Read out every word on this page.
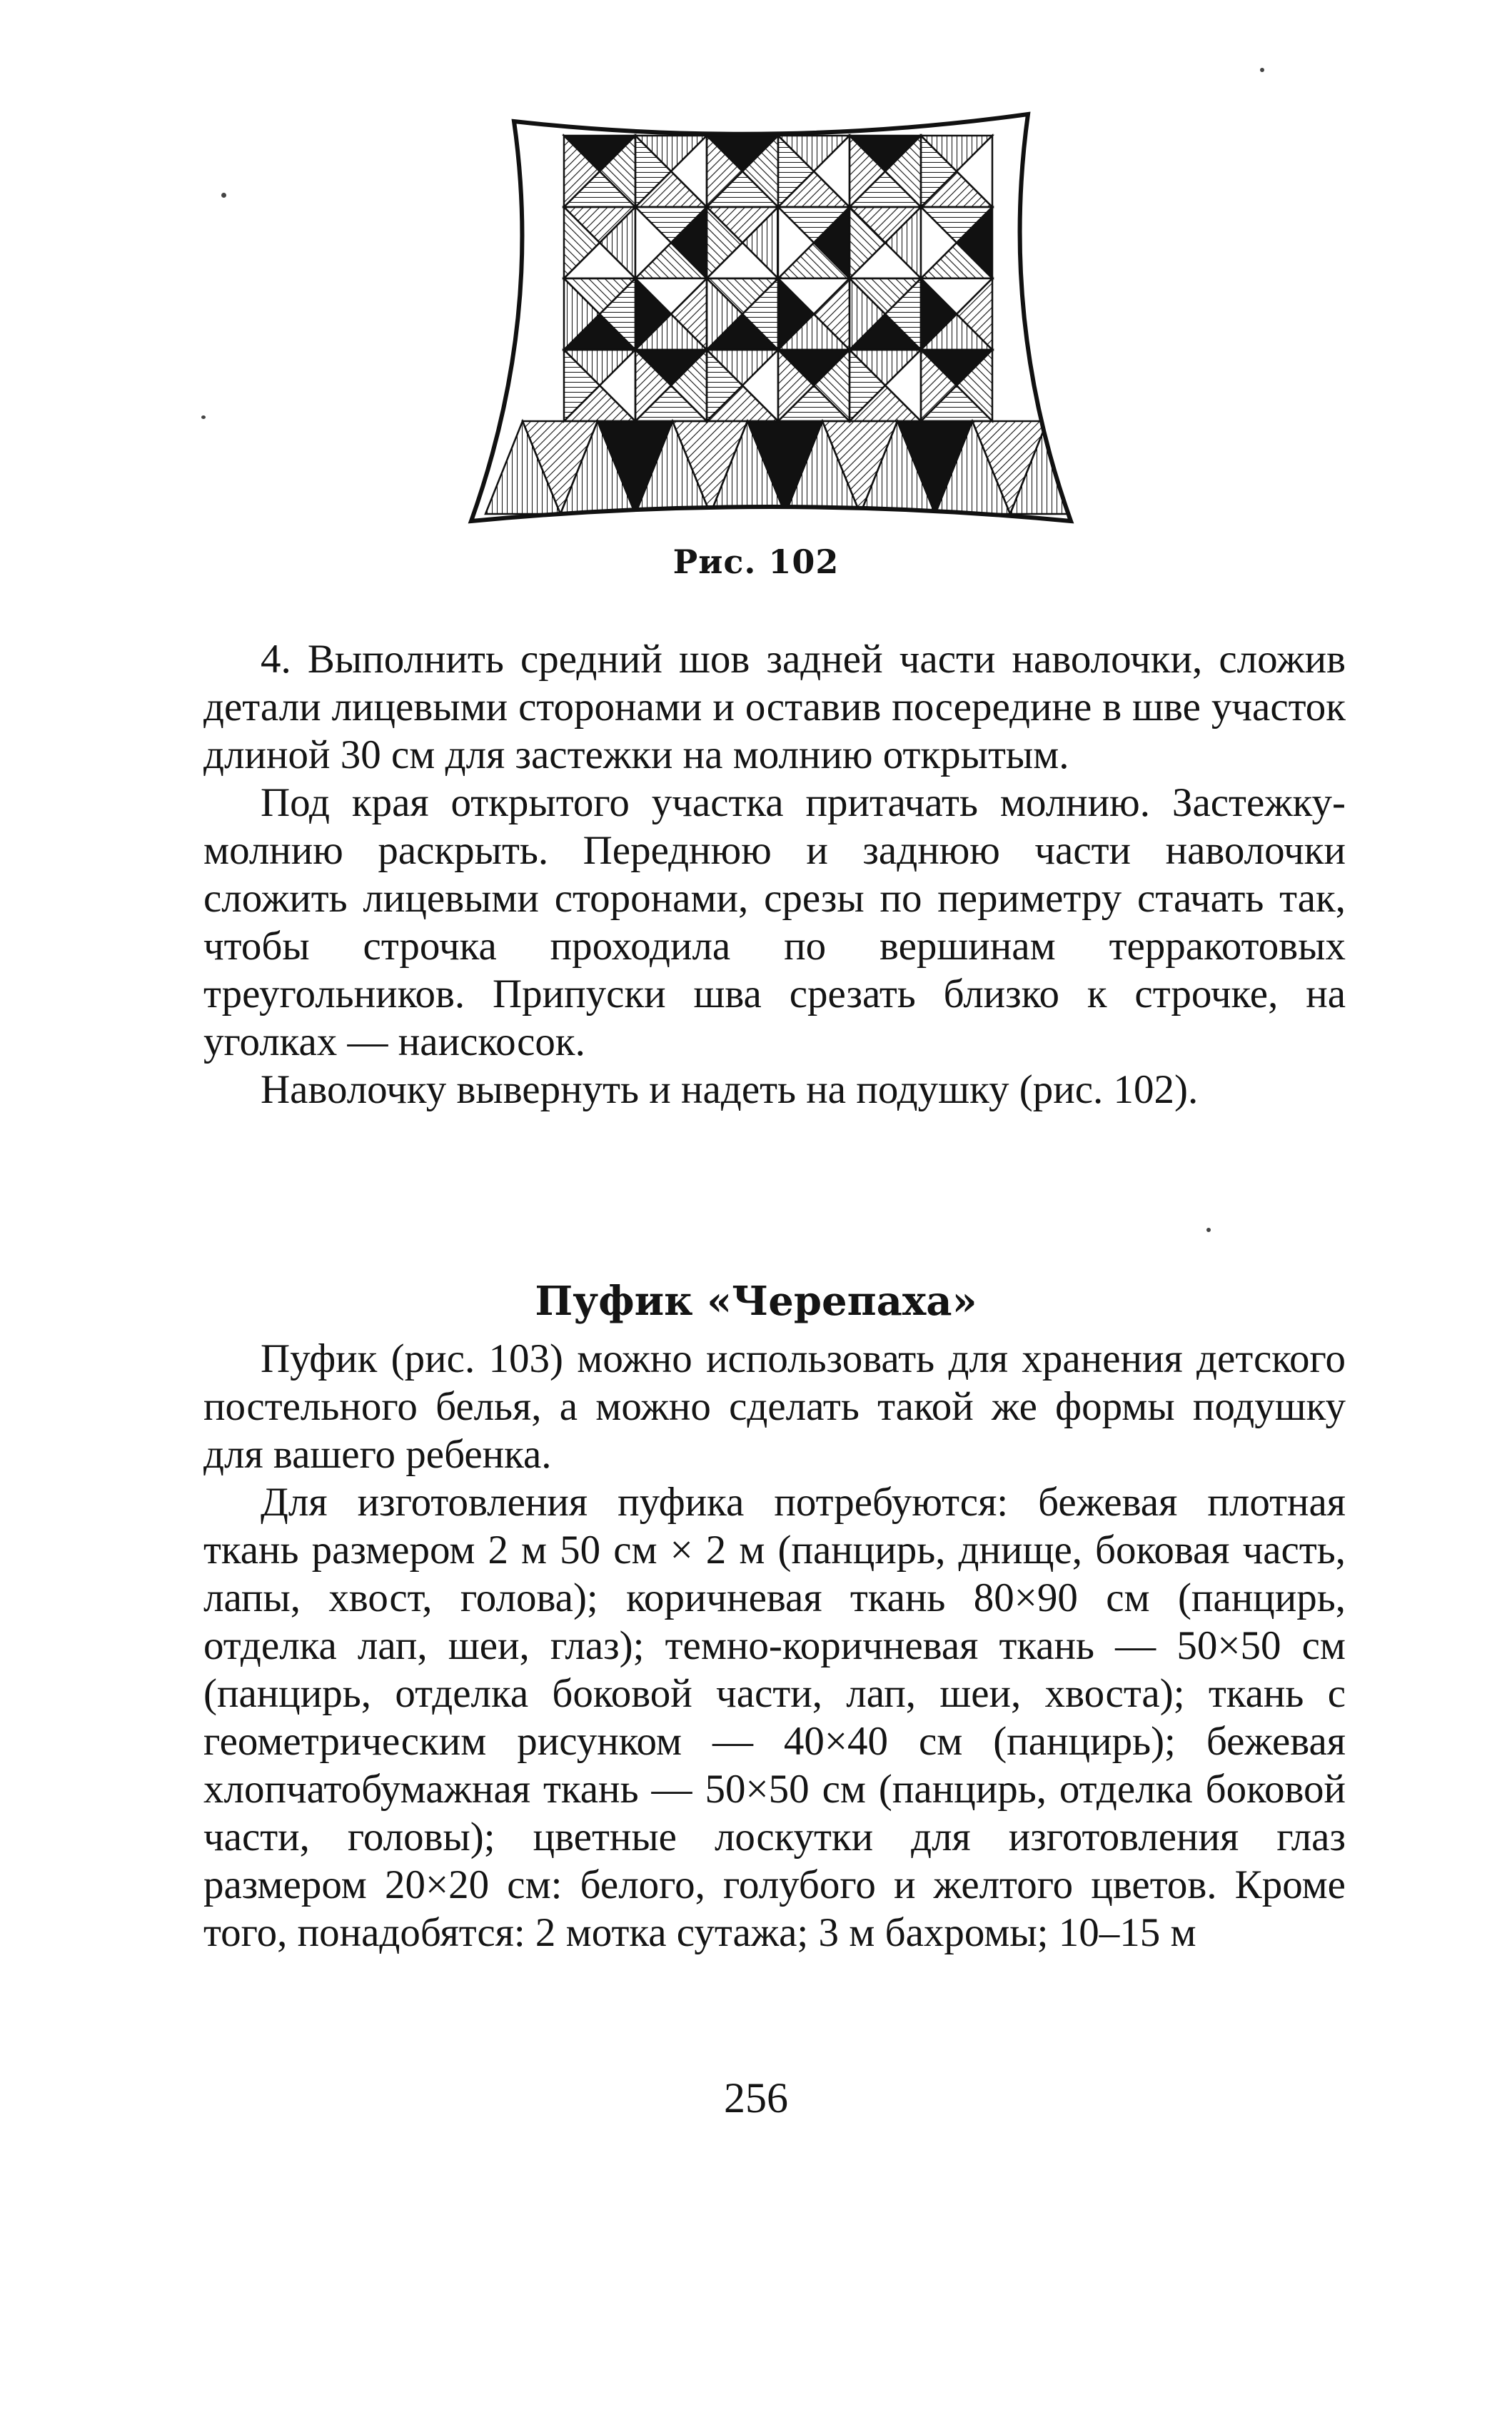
Рис. 102

4. Выполнить средний шов задней части наволочки, сложив детали лицевыми сторонами и оставив посередине в шве участок длиной 30 см для застежки на молнию открытым.

Под края открытого участка притачать молнию. Застежку-молнию раскрыть. Переднюю и заднюю части наволочки сложить лицевыми сторонами, срезы по периметру стачать так, чтобы строчка проходила по вершинам терракотовых треугольников. Припуски шва срезать близко к строчке, на уголках — наискосок.

Наволочку вывернуть и надеть на подушку (рис. 102).

Пуфик «Черепаха»

Пуфик (рис. 103) можно использовать для хранения детского постельного белья, а можно сделать такой же формы подушку для вашего ребенка.

Для изготовления пуфика потребуются: бежевая плотная ткань размером 2 м 50 см × 2 м (панцирь, днище, боковая часть, лапы, хвост, голова); коричневая ткань 80×90 см (панцирь, отделка лап, шеи, глаз); темно-коричневая ткань — 50×50 см (панцирь, отделка боковой части, лап, шеи, хвоста); ткань с геометрическим рисунком — 40×40 см (панцирь); бежевая хлопчатобумажная ткань — 50×50 см (панцирь, отделка боковой части, головы); цветные лоскутки для изготовления глаз размером 20×20 см: белого, голубого и желтого цветов. Кроме того, понадобятся: 2 мотка сутажа; 3 м бахромы; 10–15 м

256
